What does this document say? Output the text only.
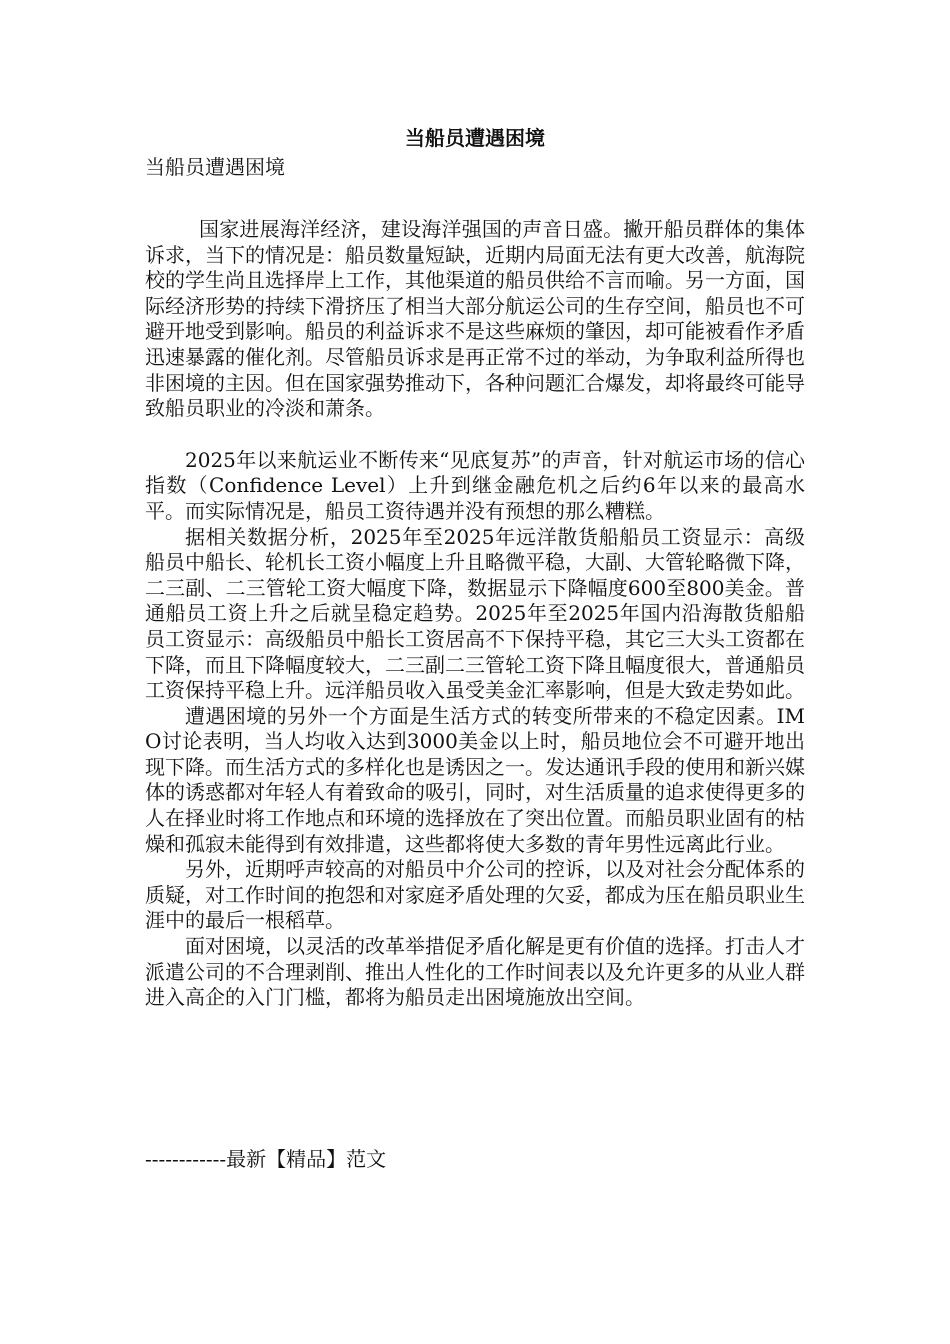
当船员遭遇困境

当船员遭遇困境

国家进展海洋经济，建设海洋强国的声音日盛。撇开船员群体的集体诉求，当下的情况是：船员数量短缺，近期内局面无法有更大改善，航海院校的学生尚且选择岸上工作，其他渠道的船员供给不言而喻。另一方面，国际经济形势的持续下滑挤压了相当大部分航运公司的生存空间，船员也不可避开地受到影响。船员的利益诉求不是这些麻烦的肇因，却可能被看作矛盾迅速暴露的催化剂。尽管船员诉求是再正常不过的举动，为争取利益所得也非困境的主因。但在国家强势推动下，各种问题汇合爆发，却将最终可能导致船员职业的冷淡和萧条。

2025年以来航运业不断传来“见底复苏”的声音，针对航运市场的信心指数（Confidence Level）上升到继金融危机之后约6年以来的最高水平。而实际情况是，船员工资待遇并没有预想的那么糟糕。

据相关数据分析，2025年至2025年远洋散货船船员工资显示：高级船员中船长、轮机长工资小幅度上升且略微平稳，大副、大管轮略微下降，二三副、二三管轮工资大幅度下降，数据显示下降幅度600至800美金。普通船员工资上升之后就呈稳定趋势。2025年至2025年国内沿海散货船船员工资显示：高级船员中船长工资居高不下保持平稳，其它三大头工资都在下降，而且下降幅度较大，二三副二三管轮工资下降且幅度很大，普通船员工资保持平稳上升。远洋船员收入虽受美金汇率影响，但是大致走势如此。

遭遇困境的另外一个方面是生活方式的转变所带来的不稳定因素。IMO讨论表明，当人均收入达到3000美金以上时，船员地位会不可避开地出现下降。而生活方式的多样化也是诱因之一。发达通讯手段的使用和新兴媒体的诱惑都对年轻人有着致命的吸引，同时，对生活质量的追求使得更多的人在择业时将工作地点和环境的选择放在了突出位置。而船员职业固有的枯燥和孤寂未能得到有效排遣，这些都将使大多数的青年男性远离此行业。

另外，近期呼声较高的对船员中介公司的控诉，以及对社会分配体系的质疑，对工作时间的抱怨和对家庭矛盾处理的欠妥，都成为压在船员职业生涯中的最后一根稻草。

面对困境，以灵活的改革举措促矛盾化解是更有价值的选择。打击人才派遣公司的不合理剥削、推出人性化的工作时间表以及允许更多的从业人群进入高企的入门门槛，都将为船员走出困境施放出空间。

------------最新【精品】范文
